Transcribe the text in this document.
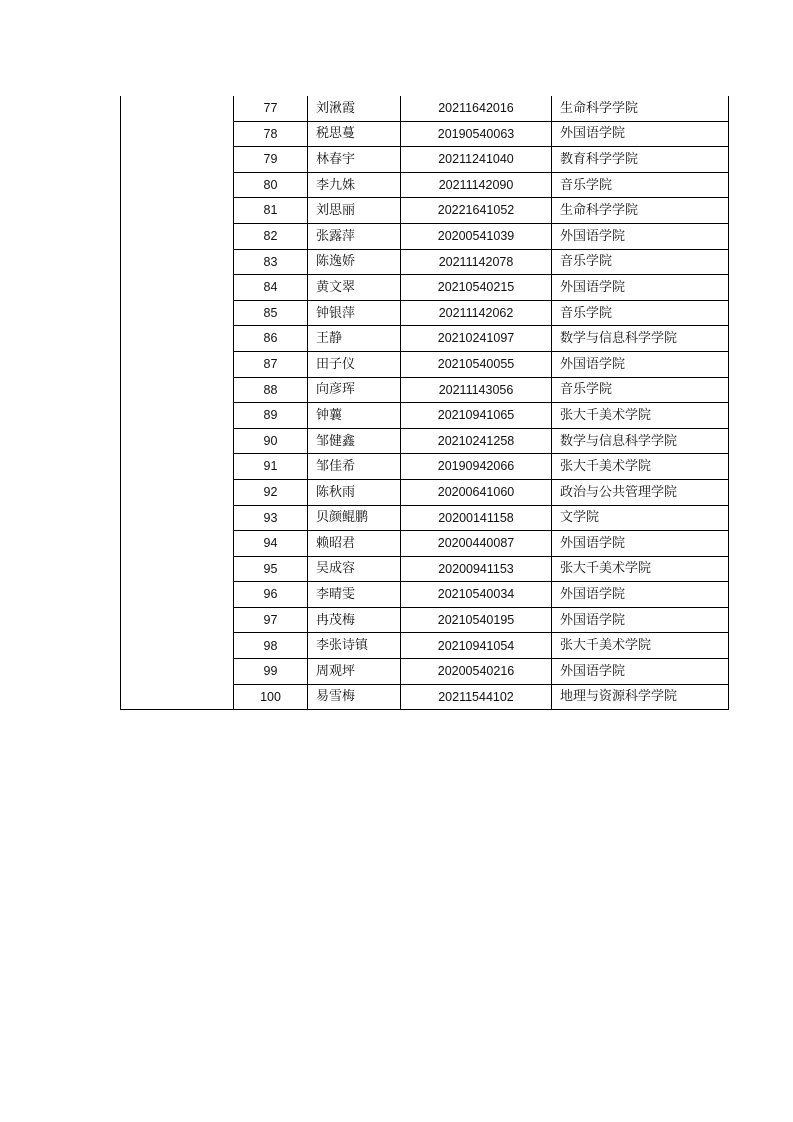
	77	刘湫霞	20211642016	生命科学学院
	78	税思蔓	20190540063	外国语学院
	79	林春宇	20211241040	教育科学学院
	80	李九姝	20211142090	音乐学院
	81	刘思丽	20221641052	生命科学学院
	82	张露萍	20200541039	外国语学院
	83	陈逸娇	20211142078	音乐学院
	84	黄文翠	20210540215	外国语学院
	85	钟银萍	20211142062	音乐学院
	86	王静	20210241097	数学与信息科学学院
	87	田子仪	20210540055	外国语学院
	88	向彦珲	20211143056	音乐学院
	89	钟蘘	20210941065	张大千美术学院
	90	邹健鑫	20210241258	数学与信息科学学院
	91	邹佳希	20190942066	张大千美术学院
	92	陈秋雨	20200641060	政治与公共管理学院
	93	贝颜鲲鹏	20200141158	文学院
	94	赖昭君	20200440087	外国语学院
	95	吴成容	20200941153	张大千美术学院
	96	李晴雯	20210540034	外国语学院
	97	冉茂梅	20210540195	外国语学院
	98	李张诗镇	20210941054	张大千美术学院
	99	周观坪	20200540216	外国语学院
	100	易雪梅	20211544102	地理与资源科学学院
